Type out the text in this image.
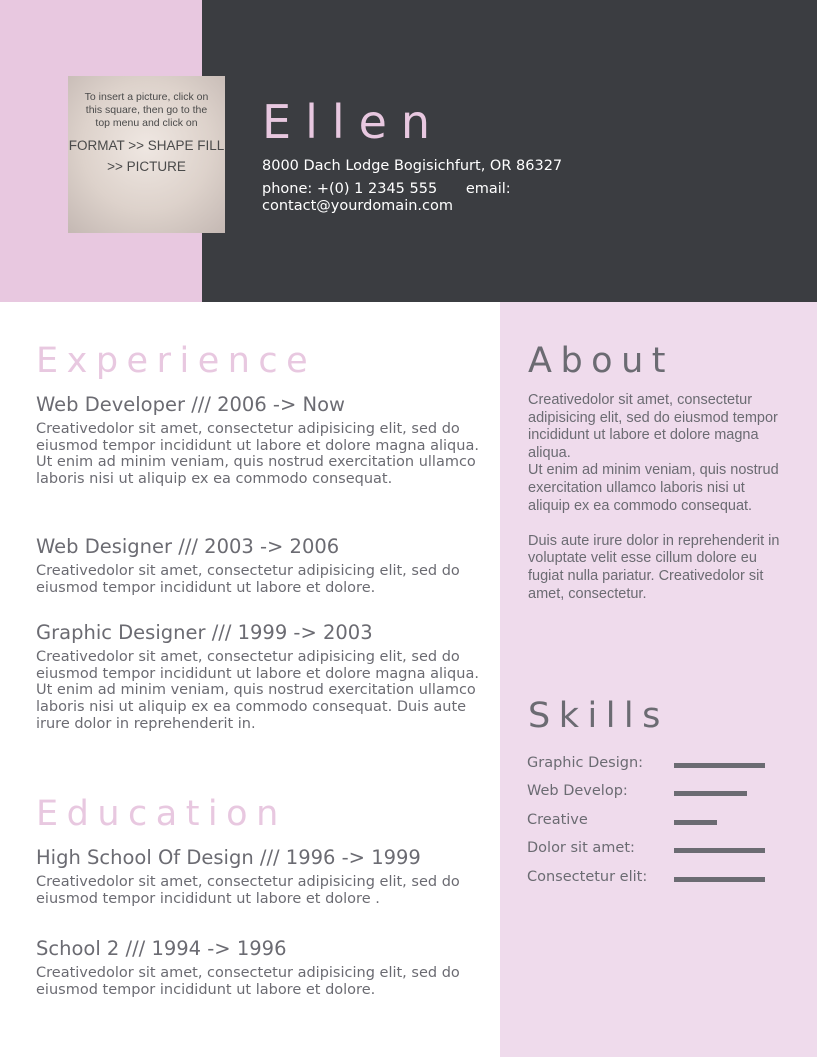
To insert a picture, click on this square, then go to the top menu and click on
FORMAT >> SHAPE FILL >> PICTURE
Ellen
8000 Dach Lodge Bogisichfurt, OR 86327
phone: +(0) 1 2345 555 email: contact@yourdomain.com
Experience
Web Developer /// 2006 -> Now

Creativedolor sit amet, consectetur adipisicing elit, sed do eiusmod tempor incididunt ut labore et dolore magna aliqua.
Ut enim ad minim veniam, quis nostrud exercitation ullamco laboris nisi ut aliquip ex ea commodo consequat.

Web Designer /// 2003 -> 2006

Creativedolor sit amet, consectetur adipisicing elit, sed do eiusmod tempor incididunt ut labore et dolore.

Graphic Designer /// 1999 -> 2003

Creativedolor sit amet, consectetur adipisicing elit, sed do eiusmod tempor incididunt ut labore et dolore magna aliqua. Ut enim ad minim veniam, quis nostrud exercitation ullamco laboris nisi ut aliquip ex ea commodo consequat. Duis aute irure dolor in reprehenderit in.

Education
High School Of Design /// 1996 -> 1999

Creativedolor sit amet, consectetur adipisicing elit, sed do eiusmod tempor incididunt ut labore et dolore .

School 2 /// 1994 -> 1996

Creativedolor sit amet, consectetur adipisicing elit, sed do eiusmod tempor incididunt ut labore et dolore.

About

Creativedolor sit amet, consectetur adipisicing elit, sed do eiusmod tempor incididunt ut labore et dolore magna aliqua.
Ut enim ad minim veniam, quis nostrud exercitation ullamco laboris nisi ut aliquip ex ea commodo consequat.

Duis aute irure dolor in reprehenderit in voluptate velit esse cillum dolore eu fugiat nulla pariatur. Creativedolor sit amet, consectetur.

Skills
Graphic Design:
Web Develop:
Creative
Dolor sit amet:
Consectetur elit:
